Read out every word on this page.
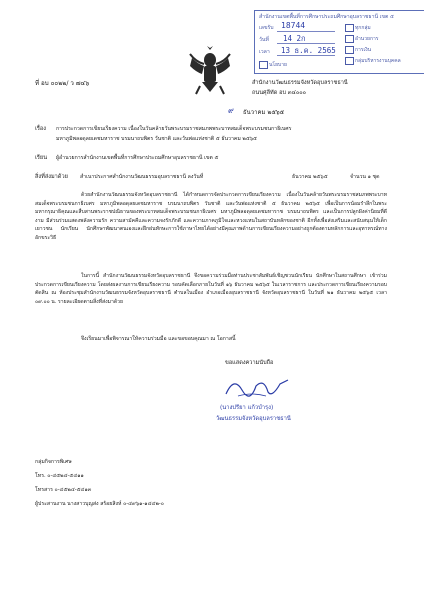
สำนักงานเขตพื้นที่การศึกษาประถมศึกษาอุบลราชธานี เขต ๕
เลขรับ 18744
วันที่ 14 2ก
เวลา 13 ธ.ค. 2565
ทุกกลุ่ม
อำนวยการ
การเงิน
กลุ่มบริหารงานบุคคล
นโยบาย
ที่ อบ ๐๐๒๒/ ว ๗๔๖	สำนักงานวัฒนธรรมจังหวัดอุบลราชธานี
ถนนศุลีทัด อบ ๓๔๐๐๐
๙ ธันวาคม ๒๕๖๕
เรื่อง การประกวดการเขียนเรียงความ เนื่องในวันคล้ายวันพระบรมราชสมภพพระบาทสมเด็จพระบรมชนกาธิเบศร
มหาภูมิพลอดุลยเดชมหาราช บรมนาถบพิตร วันชาติ และวันพ่อแห่งชาติ ๕ ธันวาคม ๒๕๖๕
เรียน ผู้อำนวยการสำนักงานเขตพื้นที่การศึกษาประถมศึกษาอุบลราชธานี เขต ๕
สิ่งที่ส่งมาด้วย สำเนาประกาศสำนักงานวัฒนธรรมอุบลราชธานี ลงวันที่	ธันวาคม ๒๕๖๕	จำนวน ๑ ชุด
ด้วยสำนักงานวัฒนธรรมจังหวัดอุบลราชธานี ได้กำหนดการจัดประกวดการเขียนเรียงความ เนื่องในวันคล้ายวันพระบรมราชสมภพพระบาทสมเด็จพระบรมชนกาธิเบศร มหาภูมิพลอดุลยเดชมหาราช บรมนาถบพิตร วันชาติ และวันพ่อแห่งชาติ ๕ ธันวาคม ๒๕๖๕ เพื่อเป็นการน้อมรำลึกในพระมหากรุณาธิคุณและสืบสานพระราชปณิธานของพระบาทสมเด็จพระบรมชนกาธิเบศร มหาภูมิพลอดุลยเดชมหาราช บรมนาถบพิตร และเป็นการปลูกฝังค่านิยมที่ดีงาม มีส่วนร่วมแสดงพลังความรัก ความสามัคคีและความจงรักภักดี และความภาคภูมิใจและหวงแหนในสถาบันหลักของชาติ อีกทั้งเพื่อส่งเสริมและสนับสนุนให้เด็ก เยาวชน นักเรียน นักศึกษาพัฒนาตนเองและฝึกฝนทักษะการใช้ภาษาไทยได้อย่างมีคุณภาพด้านการเขียนเรียงความอย่างถูกต้องตามหลักการและอุทาหรณ์ทางอักขระวิธี
ในการนี้ สำนักงานวัฒนธรรมจังหวัดอุบลราชธานี จึงขอความร่วมมือท่านประชาสัมพันธ์เชิญชวนนักเรียน นักศึกษาในสถานศึกษา เข้าร่วมประกวดการเขียนเรียงความ โดยส่งผลงานการเขียนเรียงความ รอบคัดเลือกภายในวันที่ ๑๖ ธันวาคม ๒๕๖๕ ในเวลาราชการ และประกวดการเขียนเรียงความรอบตัดสิน ณ ห้องประชุมสำนักงานวัฒนธรรมจังหวัดอุบลราชธานี ตำบลในเมือง อำเภอเมืองอุบลราชธานี จังหวัดอุบลราชธานี ในวันที่ ๒๑ ธันวาคม ๒๕๖๕ เวลา ๐๙.๐๐ น. รายละเอียดตามสิ่งที่ส่งมาด้วย
จึงเรียนมาเพื่อพิจารณาให้ความร่วมมือ และขอขอบคุณมา ณ โอกาสนี้
ขอแสดงความนับถือ
(นางปรียา แก้วบำรุง)
วัฒนธรรมจังหวัดอุบลราชธานี
กลุ่มกิจการพิเศษ
โทร. ๐-๔๕๒๔-๕๔๑๑
โทรสาร ๐-๔๕๒๔-๕๔๑๓
ผู้ประสานงาน นางสาวบุญส่ง สร้อยสิงห์ ๐-๔๙๖๑-๑๔๔๒-๐
